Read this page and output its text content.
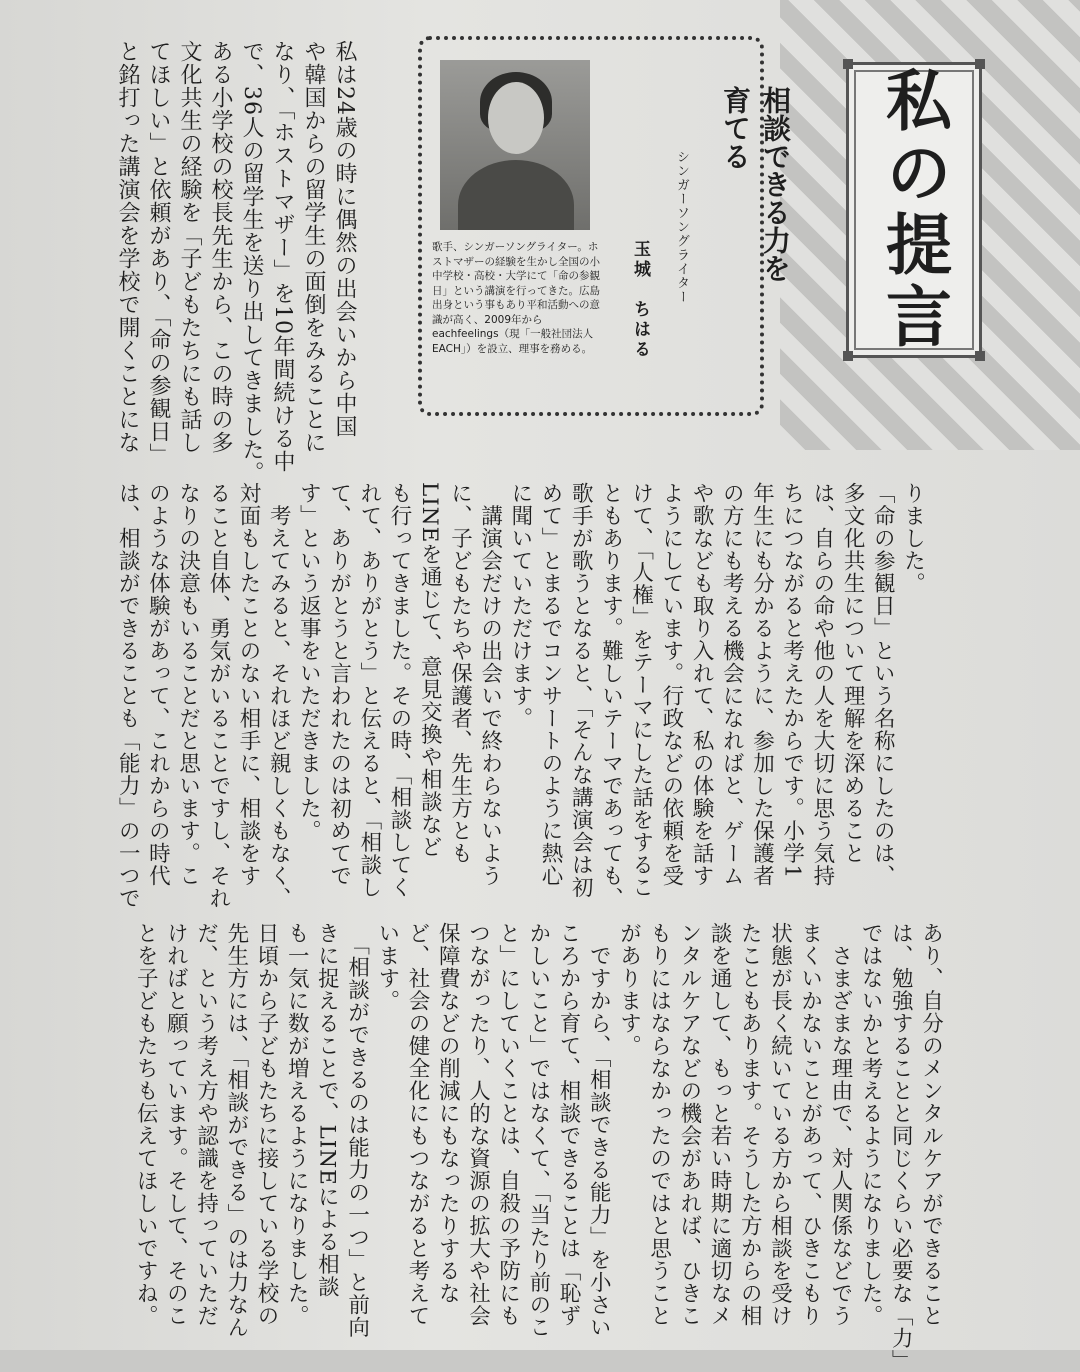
私の提言
歌手、シンガーソングライター。ホストマザーの経験を生かし全国の小中学校・高校・大学にて「命の参観日」という講演を行ってきた。広島出身という事もあり平和活動への意識が高く、2009年からeachfeelings（現「一般社団法人EACH」）を設立、理事を務める。
相談できる力を
育てる
シンガーソングライター
玉城　ちはる
私は24歳の時に偶然の出会いから中国
や韓国からの留学生の面倒をみることに
なり、「ホストマザー」を10年間続ける中
で、36人の留学生を送り出してきました。
ある小学校の校長先生から、この時の多
文化共生の経験を「子どもたちにも話し
てほしい」と依頼があり、「命の参観日」
と銘打った講演会を学校で開くことにな
りました。
「命の参観日」という名称にしたのは、
多文化共生について理解を深めること
は、自らの命や他の人を大切に思う気持
ちにつながると考えたからです。小学1
年生にも分かるように、参加した保護者
の方にも考える機会になればと、ゲーム
や歌なども取り入れて、私の体験を話す
ようにしています。行政などの依頼を受
けて、「人権」をテーマにした話をするこ
ともあります。難しいテーマであっても、
歌手が歌うとなると、「そんな講演会は初
めて」とまるでコンサートのように熱心
に聞いていただけます。
　講演会だけの出会いで終わらないよう
に、子どもたちや保護者、先生方とも
LINEを通じて、意見交換や相談など
も行ってきました。その時、「相談してく
れて、ありがとう」と伝えると、「相談し
て、ありがとうと言われたのは初めてで
す」という返事をいただきました。
　考えてみると、それほど親しくもなく、
対面もしたことのない相手に、相談をす
ること自体、勇気がいることですし、それ
なりの決意もいることだと思います。こ
のような体験があって、これからの時代
は、相談ができることも「能力」の一つで
あり、自分のメンタルケアができること
は、勉強することと同じくらい必要な「力」
ではないかと考えるようになりました。
　さまざまな理由で、対人関係などでう
まくいかないことがあって、ひきこもり
状態が長く続いている方から相談を受け
たこともあります。そうした方からの相
談を通して、もっと若い時期に適切なメ
ンタルケアなどの機会があれば、ひきこ
もりにはならなかったのではと思うこと
があります。
　ですから、「相談できる能力」を小さい
ころから育て、相談できることは「恥ず
かしいこと」ではなくて、「当たり前のこ
と」にしていくことは、自殺の予防にも
つながったり、人的な資源の拡大や社会
保障費などの削減にもなったりするな
ど、社会の健全化にもつながると考えて
います。
　「相談ができるのは能力の一つ」と前向
きに捉えることで、LINEによる相談
も一気に数が増えるようになりました。
日頃から子どもたちに接している学校の
先生方には、「相談ができる」のは力なん
だ、という考え方や認識を持っていただ
ければと願っています。そして、そのこ
とを子どもたちも伝えてほしいですね。
